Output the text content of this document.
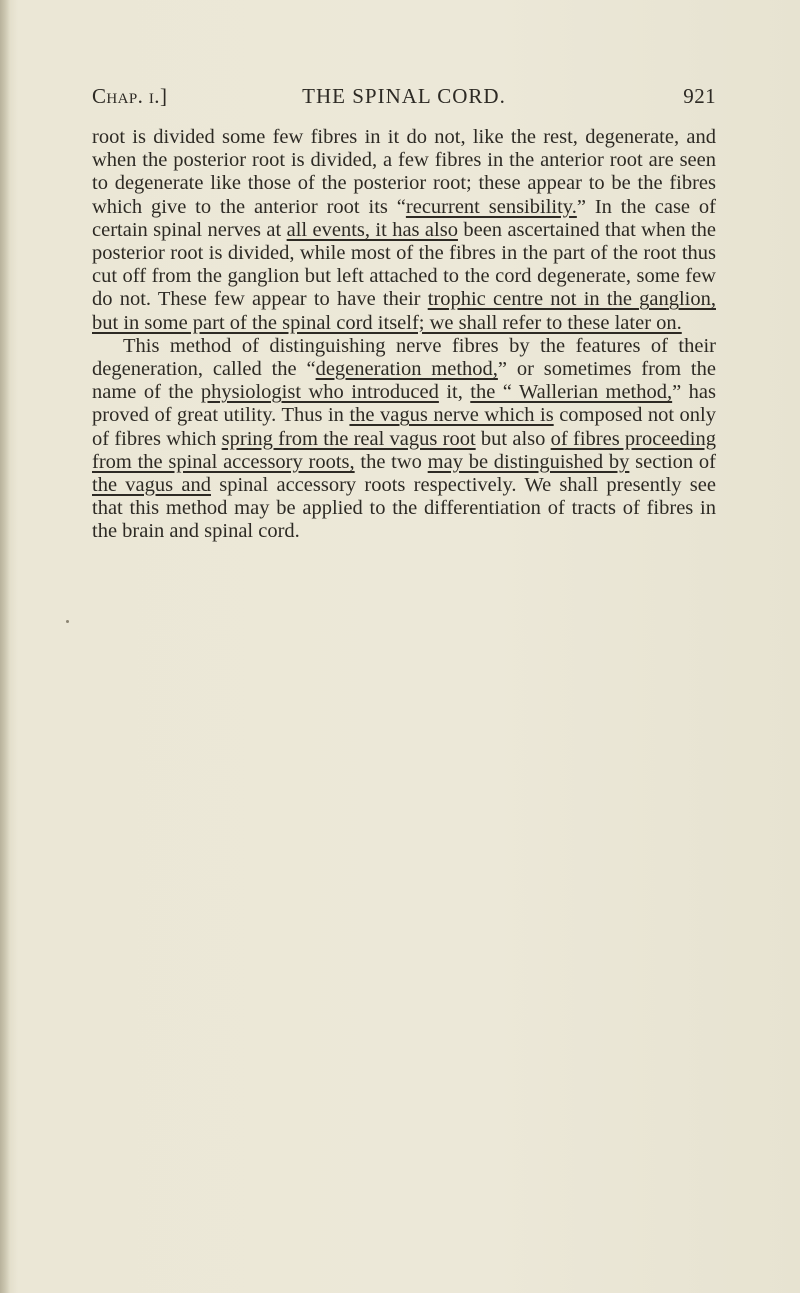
THE SPINAL CORD.
Chap. i.]	921

root is divided some few fibres in it do not, like the rest, degenerate, and when the posterior root is divided, a few fibres in the anterior root are seen to degenerate like those of the posterior root; these appear to be the fibres which give to the anterior root its “recurrent sensibility.” In the case of certain spinal nerves at all events, it has also been ascertained that when the posterior root is divided, while most of the fibres in the part of the root thus cut off from the ganglion but left attached to the cord degenerate, some few do not. These few appear to have their trophic centre not in the ganglion, but in some part of the spinal cord itself; we shall refer to these later on.

This method of distinguishing nerve fibres by the features of their degeneration, called the “degeneration method,” or sometimes from the name of the physiologist who introduced it, the “ Wallerian method,” has proved of great utility. Thus in the vagus nerve which is composed not only of fibres which spring from the real vagus root but also of fibres proceeding from the spinal accessory roots, the two may be distinguished by section of the vagus and spinal accessory roots respectively. We shall presently see that this method may be applied to the differentiation of tracts of fibres in the brain and spinal cord.
